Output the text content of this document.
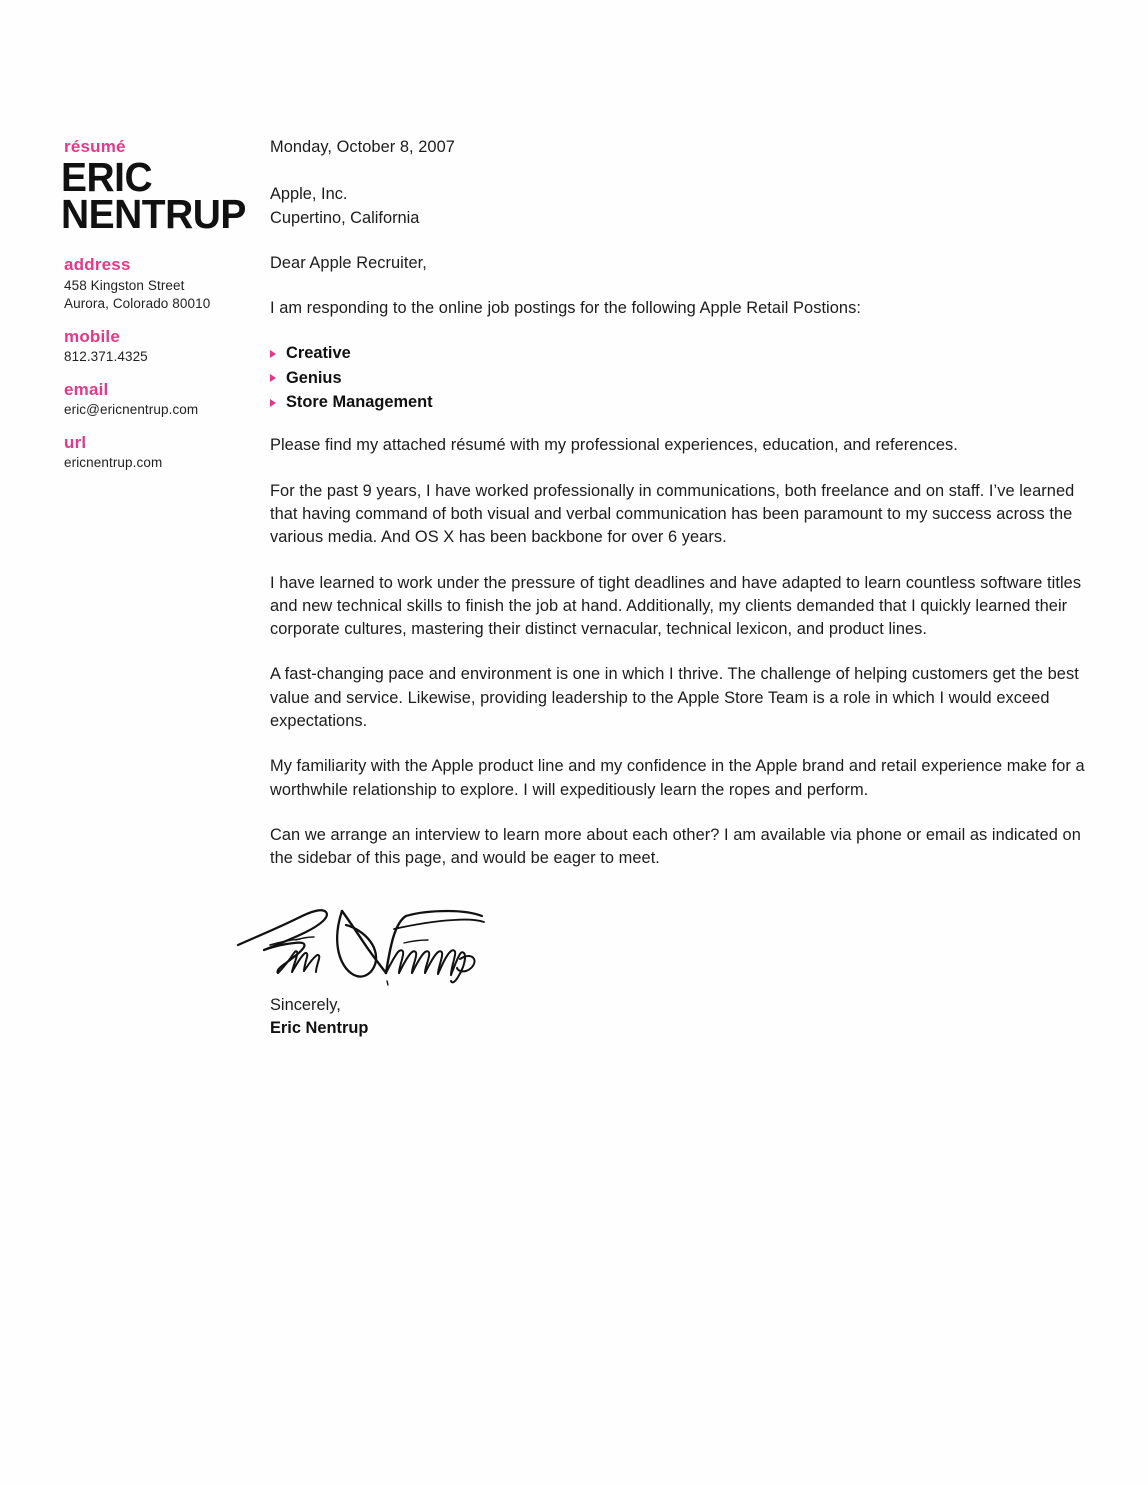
résumé
ERIC
NENTRUP
address
458 Kingston Street
Aurora, Colorado 80010
mobile
812.371.4325
email
eric@ericnentrup.com
url
ericnentrup.com

Monday, October 8, 2007

Apple, Inc.
Cupertino, California

Dear Apple Recruiter,

I am responding to the online job postings for the following Apple Retail Postions:

Creative
Genius
Store Management

Please find my attached résumé with my professional experiences, education, and references.

For the past 9 years, I have worked professionally in communications, both freelance and on staff. I’ve learned that having command of both visual and verbal communication has been paramount to my success across the various media. And OS X has been backbone for over 6 years.

I have learned to work under the pressure of tight deadlines and have adapted to learn countless software titles and new technical skills to finish the job at hand. Additionally, my clients demanded that I quickly learned their corporate cultures, mastering their distinct vernacular, technical lexicon, and product lines.

A fast-changing pace and environment is one in which I thrive. The challenge of helping customers get the best value and service. Likewise, providing leadership to the Apple Store Team is a role in which I would exceed expectations.

My familiarity with the Apple product line and my confidence in the Apple brand and retail experience make for a worthwhile relationship to explore. I will expeditiously learn the ropes and perform.

Can we arrange an interview to learn more about each other? I am available via phone or email as indicated on the sidebar of this page, and would be eager to meet.

Sincerely,
Eric Nentrup
